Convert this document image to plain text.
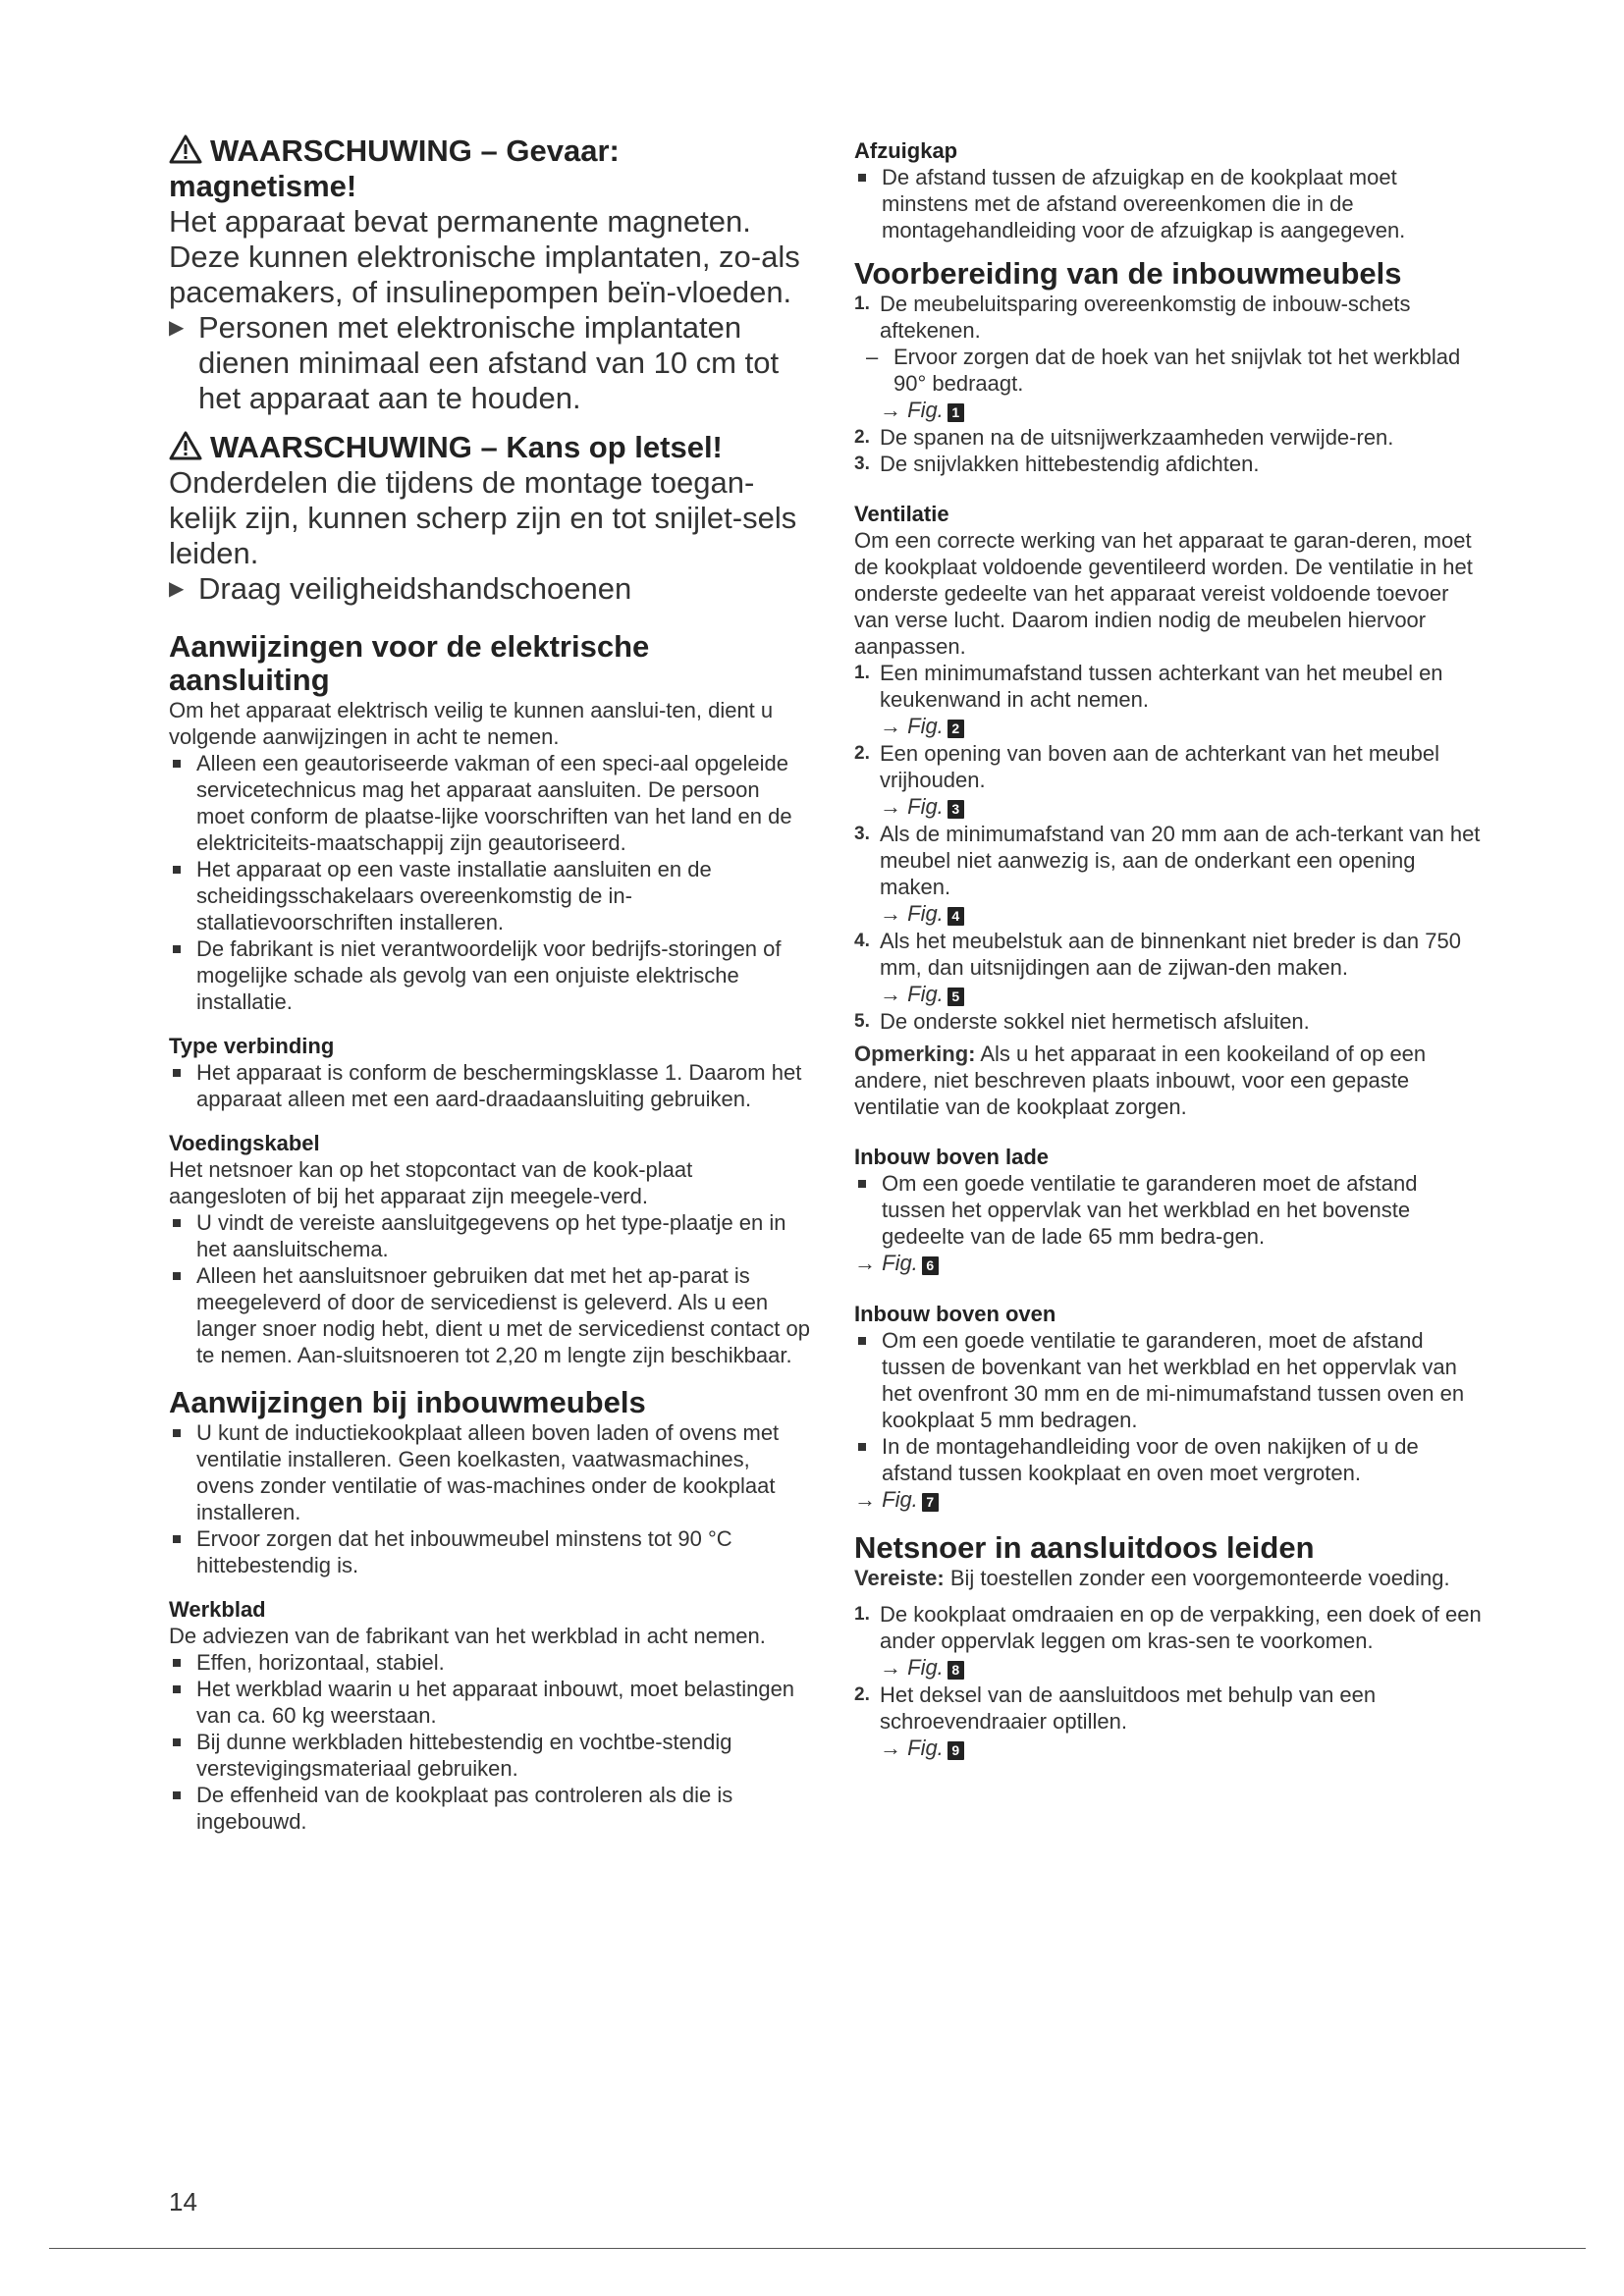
WAARSCHUWING – Gevaar: magnetisme!

Het apparaat bevat permanente magneten. Deze kunnen elektronische implantaten, zo-als pacemakers, of insulinepompen beïn-vloeden.

▶ Personen met elektronische implantaten dienen minimaal een afstand van 10 cm tot het apparaat aan te houden.
WAARSCHUWING – Kans op letsel!

Onderdelen die tijdens de montage toegan-kelijk zijn, kunnen scherp zijn en tot snijlet-sels leiden.

▶ Draag veiligheidshandschoenen
Aanwijzingen voor de elektrische aansluiting

Om het apparaat elektrisch veilig te kunnen aanslui-ten, dient u volgende aanwijzingen in acht te nemen.

Alleen een geautoriseerde vakman of een speci-aal opgeleide servicetechnicus mag het apparaat aansluiten. De persoon moet conform de plaatse-lijke voorschriften van het land en de elektriciteits-maatschappij zijn geautoriseerd.
Het apparaat op een vaste installatie aansluiten en de scheidingsschakelaars overeenkomstig de in-stallatievoorschriften installeren.
De fabrikant is niet verantwoordelijk voor bedrijfs-storingen of mogelijke schade als gevolg van een onjuiste elektrische installatie.
Type verbinding
Het apparaat is conform de beschermingsklasse 1. Daarom het apparaat alleen met een aard-draadaansluiting gebruiken.
Voedingskabel

Het netsnoer kan op het stopcontact van de kook-plaat aangesloten of bij het apparaat zijn meegele-verd.

U vindt de vereiste aansluitgegevens op het type-plaatje en in het aansluitschema.
Alleen het aansluitsnoer gebruiken dat met het ap-parat is meegeleverd of door de servicedienst is geleverd. Als u een langer snoer nodig hebt, dient u met de servicedienst contact op te nemen. Aan-sluitsnoeren tot 2,20 m lengte zijn beschikbaar.
Aanwijzingen bij inbouwmeubels
U kunt de inductiekookplaat alleen boven laden of ovens met ventilatie installeren. Geen koelkasten, vaatwasmachines, ovens zonder ventilatie of was-machines onder de kookplaat installeren.
Ervoor zorgen dat het inbouwmeubel minstens tot 90 °C hittebestendig is.
Werkblad

De adviezen van de fabrikant van het werkblad in acht nemen.

Effen, horizontaal, stabiel.
Het werkblad waarin u het apparaat inbouwt, moet belastingen van ca. 60 kg weerstaan.
Bij dunne werkbladen hittebestendig en vochtbe-stendig verstevigingsmateriaal gebruiken.
De effenheid van de kookplaat pas controleren als die is ingebouwd.
Afzuigkap
De afstand tussen de afzuigkap en de kookplaat moet minstens met de afstand overeenkomen die in de montagehandleiding voor de afzuigkap is aangegeven.
Voorbereiding van de inbouwmeubels
1. De meubeluitsparing overeenkomstig de inbouw-schets aftekenen.
– Ervoor zorgen dat de hoek van het snijvlak tot het werkblad 90° bedraagt.
→ Fig. 1
2. De spanen na de uitsnijwerkzaamheden verwijde-ren.
3. De snijvlakken hittebestendig afdichten.
Ventilatie

Om een correcte werking van het apparaat te garan-deren, moet de kookplaat voldoende geventileerd worden. De ventilatie in het onderste gedeelte van het apparaat vereist voldoende toevoer van verse lucht. Daarom indien nodig de meubelen hiervoor aanpassen.

1. Een minimumafstand tussen achterkant van het meubel en keukenwand in acht nemen.
→ Fig. 2
2. Een opening van boven aan de achterkant van het meubel vrijhouden.
→ Fig. 3
3. Als de minimumafstand van 20 mm aan de ach-terkant van het meubel niet aanwezig is, aan de onderkant een opening maken.
→ Fig. 4
4. Als het meubelstuk aan de binnenkant niet breder is dan 750 mm, dan uitsnijdingen aan de zijwan-den maken.
→ Fig. 5
5. De onderste sokkel niet hermetisch afsluiten.

Opmerking: Als u het apparaat in een kookeiland of op een andere, niet beschreven plaats inbouwt, voor een gepaste ventilatie van de kookplaat zorgen.

Inbouw boven lade
Om een goede ventilatie te garanderen moet de afstand tussen het oppervlak van het werkblad en het bovenste gedeelte van de lade 65 mm bedra-gen.
→ Fig. 6
Inbouw boven oven
Om een goede ventilatie te garanderen, moet de afstand tussen de bovenkant van het werkblad en het oppervlak van het ovenfront 30 mm en de mi-nimumafstand tussen oven en kookplaat 5 mm bedragen.
In de montagehandleiding voor de oven nakijken of u de afstand tussen kookplaat en oven moet vergroten.
→ Fig. 7
Netsnoer in aansluitdoos leiden

Vereiste: Bij toestellen zonder een voorgemonteerde voeding.

1. De kookplaat omdraaien en op de verpakking, een doek of een ander oppervlak leggen om kras-sen te voorkomen.
→ Fig. 8
2. Het deksel van de aansluitdoos met behulp van een schroevendraaier optillen.
→ Fig. 9
14
